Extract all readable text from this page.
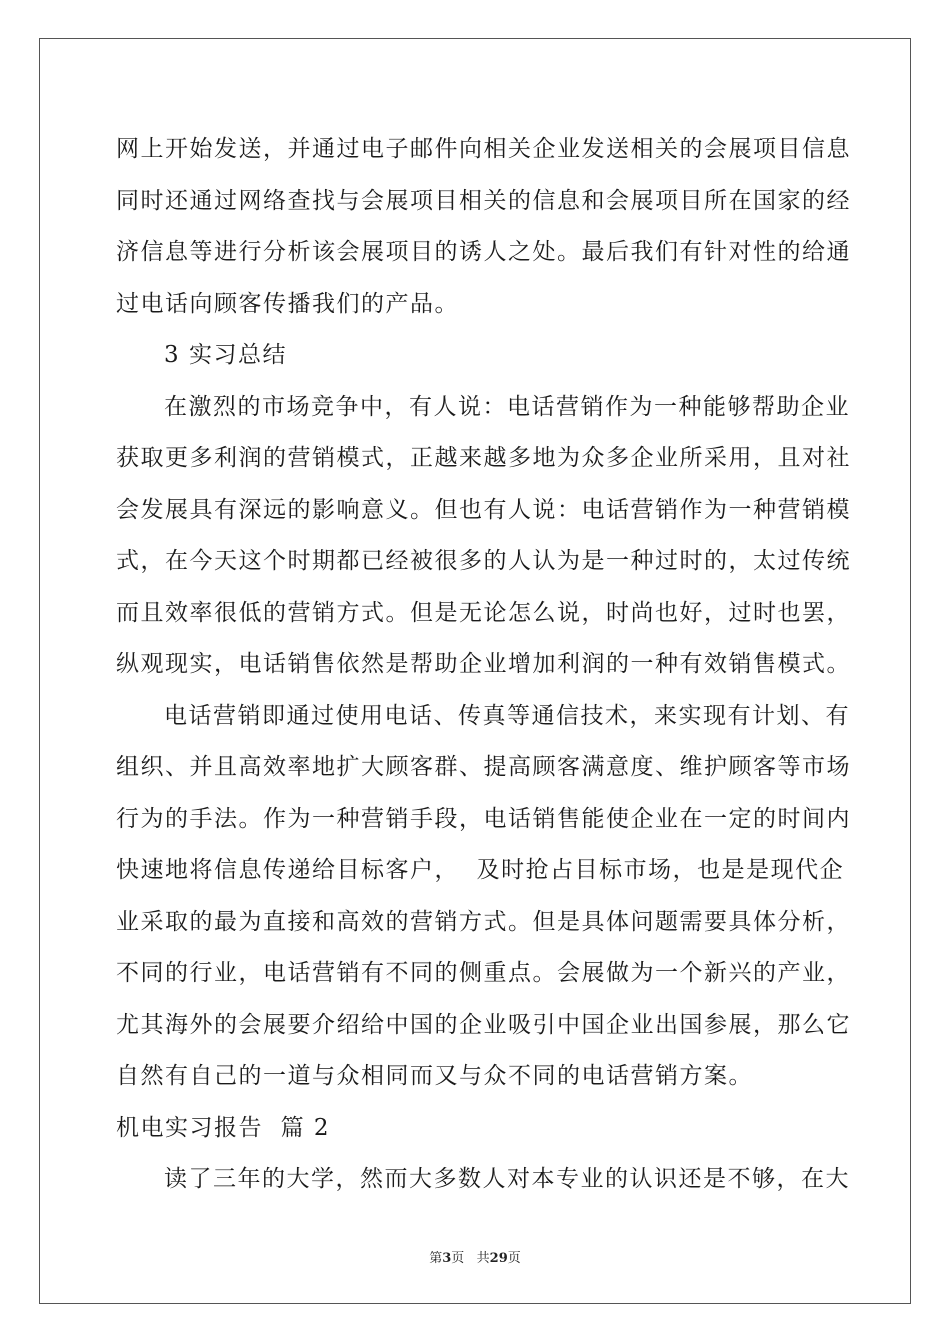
网上开始发送，并通过电子邮件向相关企业发送相关的会展项目信息
同时还通过网络查找与会展项目相关的信息和会展项目所在国家的经
济信息等进行分析该会展项目的诱人之处。最后我们有针对性的给通
过电话向顾客传播我们的产品。
3 实习总结
在激烈的市场竞争中，有人说：电话营销作为一种能够帮助企业
获取更多利润的营销模式，正越来越多地为众多企业所采用，且对社
会发展具有深远的影响意义。但也有人说：电话营销作为一种营销模
式，在今天这个时期都已经被很多的人认为是一种过时的，太过传统
而且效率很低的营销方式。但是无论怎么说，时尚也好，过时也罢，
纵观现实，电话销售依然是帮助企业增加利润的一种有效销售模式。
电话营销即通过使用电话、传真等通信技术，来实现有计划、有
组织、并且高效率地扩大顾客群、提高顾客满意度、维护顾客等市场
行为的手法。作为一种营销手段，电话销售能使企业在一定的时间内
快速地将信息传递给目标客户，  及时抢占目标市场，也是是现代企
业采取的最为直接和高效的营销方式。但是具体问题需要具体分析，
不同的行业，电话营销有不同的侧重点。会展做为一个新兴的产业，
尤其海外的会展要介绍给中国的企业吸引中国企业出国参展，那么它
自然有自己的一道与众相同而又与众不同的电话营销方案。
机电实习报告  篇 2
读了三年的大学，然而大多数人对本专业的认识还是不够，在大
第3页   共29页
